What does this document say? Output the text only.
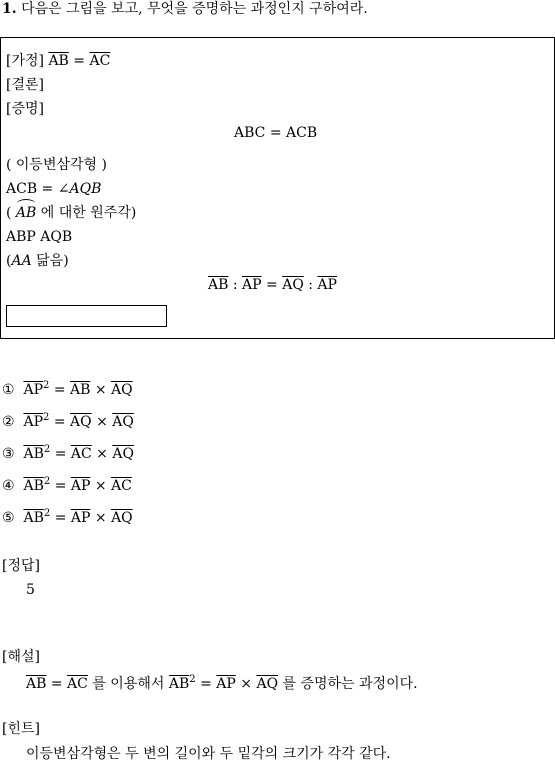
1. 다음은 그림을 보고, 무엇을 증명하는 과정인지 구하여라.
[가정] $\overline{AB} = \overline{AC}$
[결론]
[증명]
ABC = ACB
( 이등변삼각형 )
ACB = ∠AQB
( AB 에 대한 원주각)
ABP AQB
(AA 닮음)
$\overline{AB}$ : $\overline{AP} = \overline{AQ}$ : $\overline{AP}$
① $\overline{AP}^2 = \overline{AB} \times \overline{AQ}$
② $\overline{AP}^2 = \overline{AQ} \times \overline{AQ}$
③ $\overline{AB}^2 = \overline{AC} \times \overline{AQ}$
④ $\overline{AB}^2 = \overline{AP} \times \overline{AC}$
⑤ $\overline{AB}^2 = \overline{AP} \times \overline{AQ}$
[정답]
5
[해설]
$\overline{AB} = \overline{AC}$ 를 이용해서 $\overline{AB}^2 = \overline{AP} \times \overline{AQ}$ 를 증명하는 과정이다.
[힌트]
이등변삼각형은 두 변의 길이와 두 밑각의 크기가 각각 같다.
